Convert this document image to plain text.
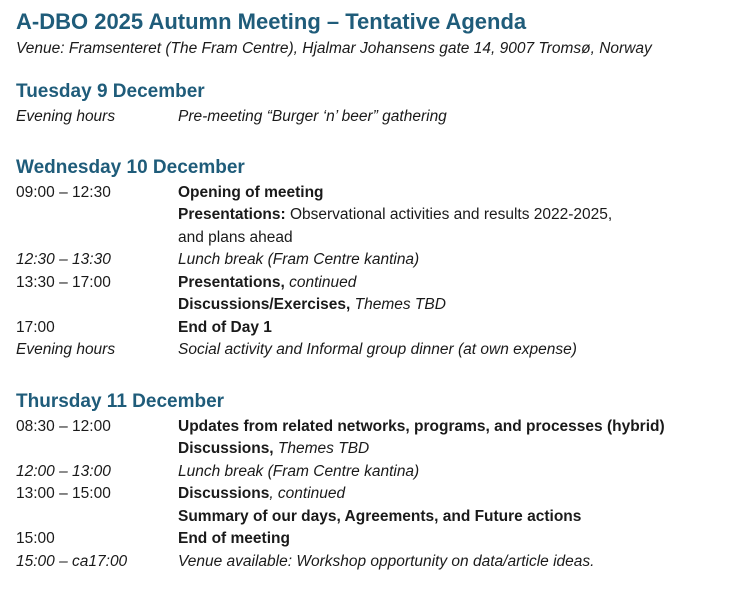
A-DBO 2025 Autumn Meeting – Tentative Agenda
Venue: Framsenteret (The Fram Centre), Hjalmar Johansens gate 14, 9007 Tromsø, Norway
Tuesday 9 December
Evening hours	Pre-meeting “Burger ‘n’ beer” gathering
Wednesday 10 December
09:00 – 12:30	Opening of meeting
Presentations: Observational activities and results 2022-2025,
and plans ahead
12:30 – 13:30	Lunch break (Fram Centre kantina)
13:30 – 17:00	Presentations, continued
Discussions/Exercises, Themes TBD
17:00	End of Day 1
Evening hours	Social activity and Informal group dinner (at own expense)
Thursday 11 December
08:30 – 12:00	Updates from related networks, programs, and processes (hybrid)
Discussions, Themes TBD
12:00 – 13:00	Lunch break (Fram Centre kantina)
13:00 – 15:00	Discussions, continued
Summary of our days, Agreements, and Future actions
15:00	End of meeting
15:00 – ca17:00	Venue available: Workshop opportunity on data/article ideas.
